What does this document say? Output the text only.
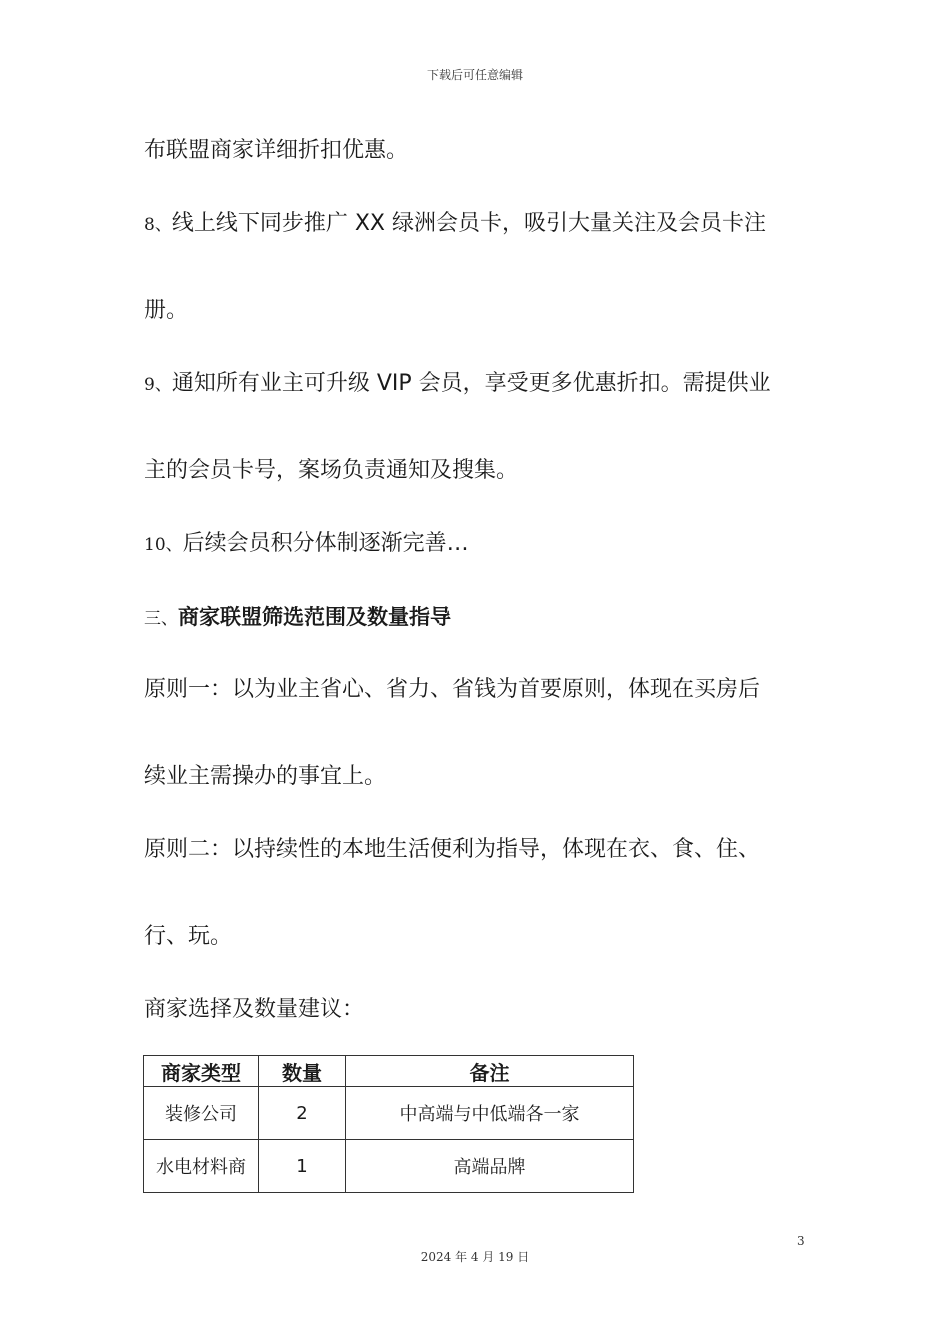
下载后可任意编辑
布联盟商家详细折扣优惠。
8、线上线下同步推广 XX 绿洲会员卡，吸引大量关注及会员卡注
册。
9、通知所有业主可升级 VIP 会员，享受更多优惠折扣。需提供业
主的会员卡号，案场负责通知及搜集。
10、后续会员积分体制逐渐完善…
三、商家联盟筛选范围及数量指导
原则一：以为业主省心、省力、省钱为首要原则，体现在买房后
续业主需操办的事宜上。
原则二：以持续性的本地生活便利为指导，体现在衣、食、住、
行、玩。
商家选择及数量建议：
商家类型	数量	备注
装修公司	2	中高端与中低端各一家
水电材料商	1	高端品牌
3
2024 年 4 月 19 日
